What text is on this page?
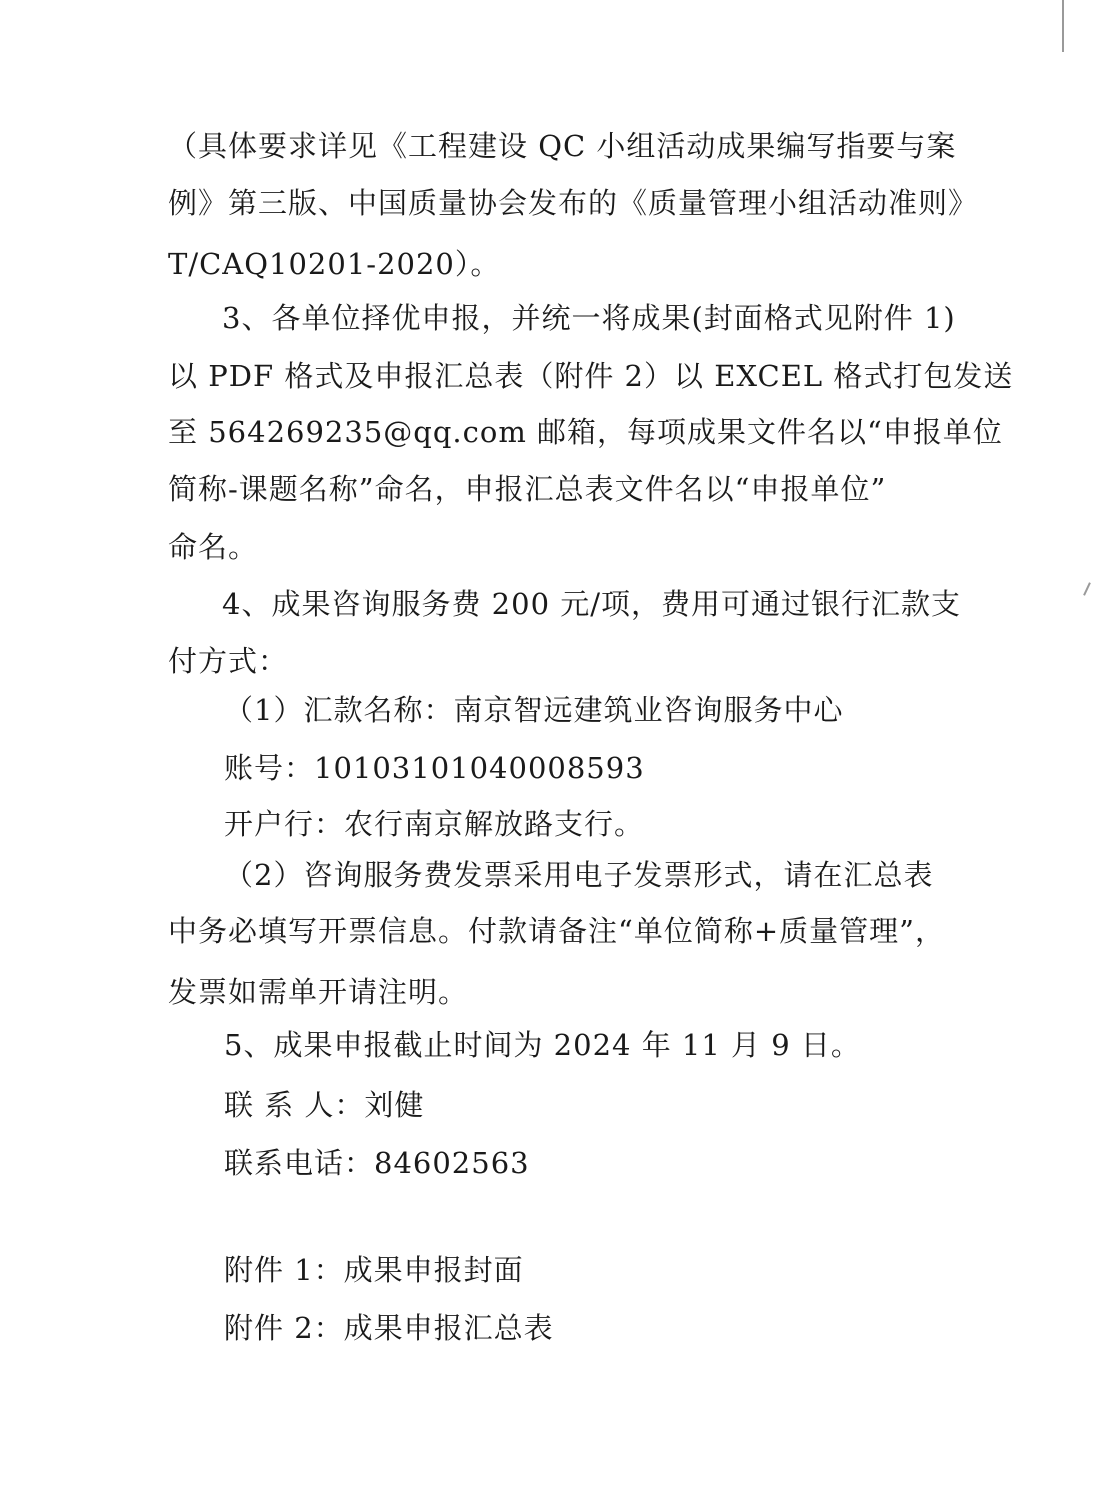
（具体要求详见《工程建设 QC 小组活动成果编写指要与案
例》第三版、中国质量协会发布的《质量管理小组活动准则》
T/CAQ10201-2020）。
3、各单位择优申报，并统一将成果(封面格式见附件 1)
以 PDF 格式及申报汇总表（附件 2）以 EXCEL 格式打包发送
至 564269235@qq.com 邮箱，每项成果文件名以“申报单位
简称-课题名称”命名，申报汇总表文件名以“申报单位”
命名。
4、成果咨询服务费 200 元/项，费用可通过银行汇款支
付方式：
（1）汇款名称：南京智远建筑业咨询服务中心
账号：10103101040008593
开户行：农行南京解放路支行。
（2）咨询服务费发票采用电子发票形式，请在汇总表
中务必填写开票信息。付款请备注“单位简称+质量管理”，
发票如需单开请注明。
5、成果申报截止时间为 2024 年 11 月 9 日。
联 系 人：刘健
联系电话：84602563
附件 1：成果申报封面
附件 2：成果申报汇总表
